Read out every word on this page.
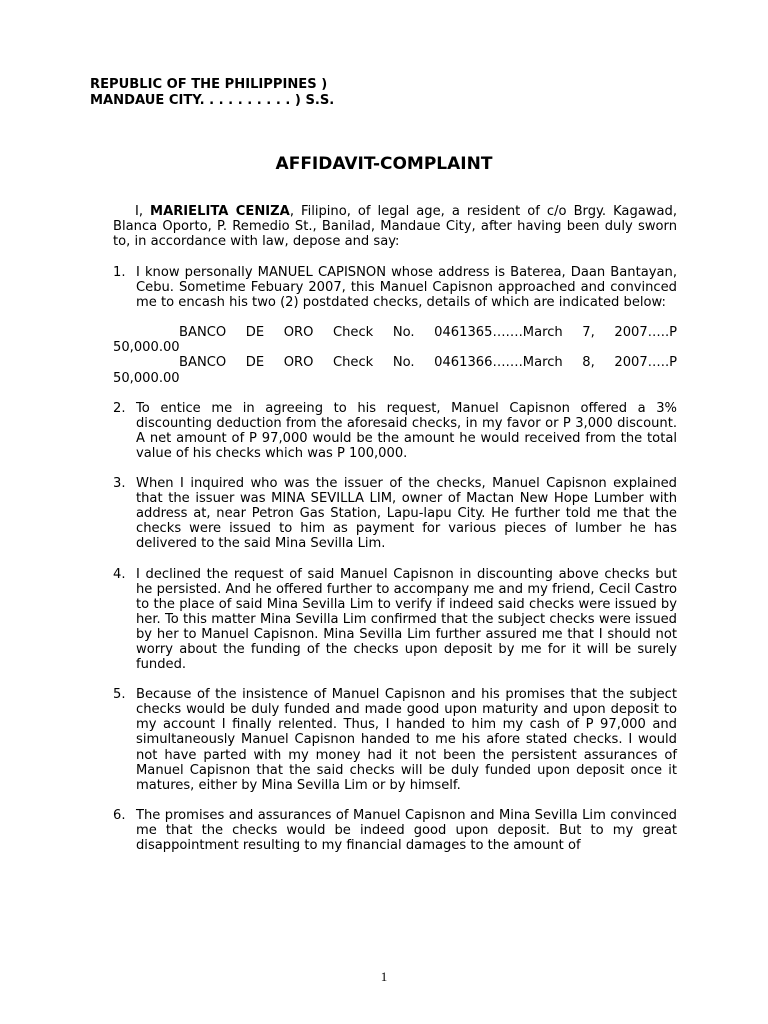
REPUBLIC OF THE PHILIPPINES )
MANDAUE CITY. . . . . . . . . . ) S.S.
AFFIDAVIT-COMPLAINT
I, MARIELITA CENIZA, Filipino, of legal age, a resident of c/o Brgy. Kagawad, Blanca Oporto, P. Remedio St., Banilad, Mandaue City, after having been duly sworn to, in accordance with law, depose and say:
1. I know personally MANUEL CAPISNON whose address is Baterea, Daan Bantayan, Cebu. Sometime Febuary 2007, this Manuel Capisnon approached and convinced me to encash his two (2) postdated checks, details of which are indicated below:
BANCO DE ORO Check No. 0461365…….March 7, 2007…..P
50,000.00
BANCO DE ORO Check No. 0461366…….March 8, 2007…..P
50,000.00
2. To entice me in agreeing to his request, Manuel Capisnon offered a 3% discounting deduction from the aforesaid checks, in my favor or P 3,000 discount. A net amount of P 97,000 would be the amount he would received from the total value of his checks which was P 100,000.
3. When I inquired who was the issuer of the checks, Manuel Capisnon explained that the issuer was MINA SEVILLA LIM, owner of Mactan New Hope Lumber with address at, near Petron Gas Station, Lapu-lapu City. He further told me that the checks were issued to him as payment for various pieces of lumber he has delivered to the said Mina Sevilla Lim.
4. I declined the request of said Manuel Capisnon in discounting above checks but he persisted. And he offered further to accompany me and my friend, Cecil Castro to the place of said Mina Sevilla Lim to verify if indeed said checks were issued by her. To this matter Mina Sevilla Lim confirmed that the subject checks were issued by her to Manuel Capisnon. Mina Sevilla Lim further assured me that I should not worry about the funding of the checks upon deposit by me for it will be surely funded.
5. Because of the insistence of Manuel Capisnon and his promises that the subject checks would be duly funded and made good upon maturity and upon deposit to my account I finally relented. Thus, I handed to him my cash of P 97,000 and simultaneously Manuel Capisnon handed to me his afore stated checks. I would not have parted with my money had it not been the persistent assurances of Manuel Capisnon that the said checks will be duly funded upon deposit once it matures, either by Mina Sevilla Lim or by himself.
6. The promises and assurances of Manuel Capisnon and Mina Sevilla Lim convinced me that the checks would be indeed good upon deposit. But to my great disappointment resulting to my financial damages to the amount of
1
